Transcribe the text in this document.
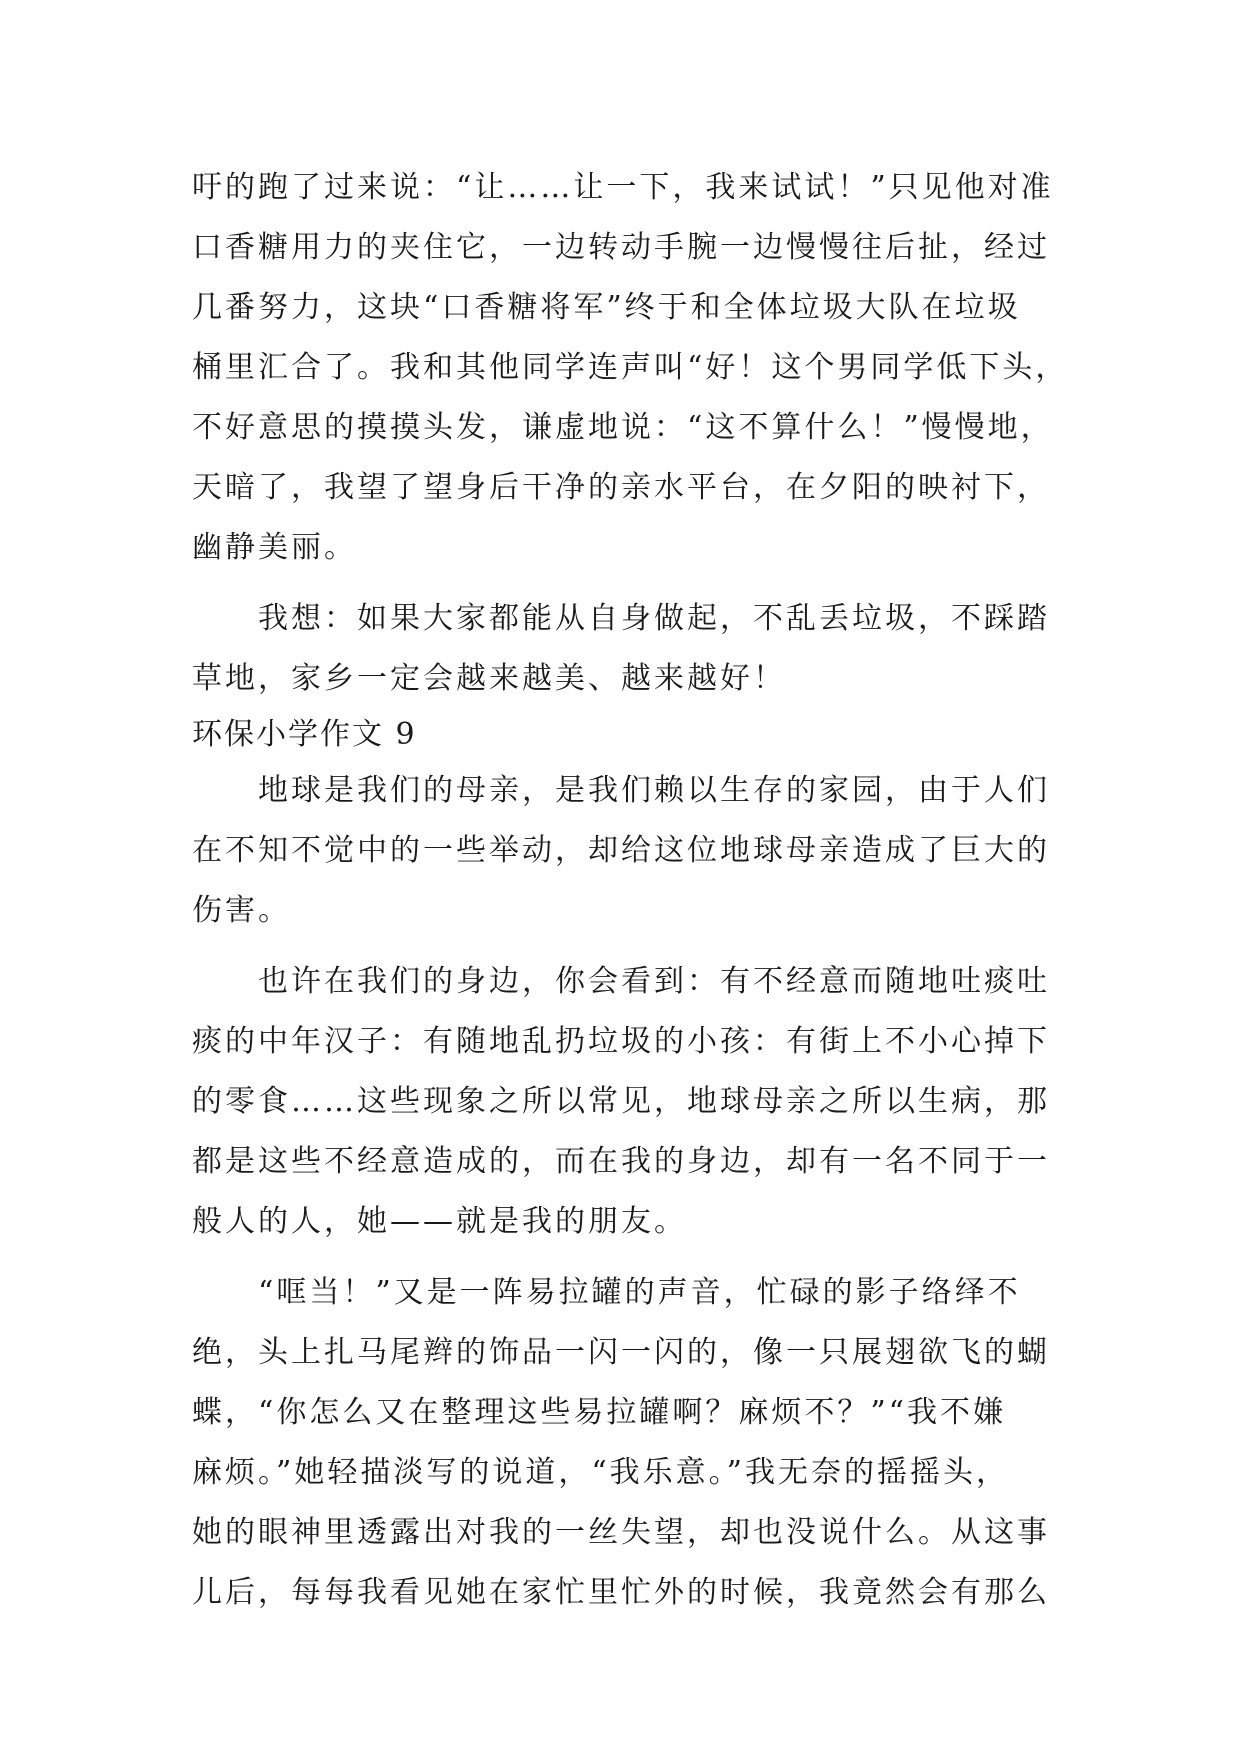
吁的跑了过来说：“让……让一下，我来试试！”只见他对准
口香糖用力的夹住它，一边转动手腕一边慢慢往后扯，经过
几番努力，这块“口香糖将军”终于和全体垃圾大队在垃圾
桶里汇合了。我和其他同学连声叫“好！这个男同学低下头，
不好意思的摸摸头发，谦虚地说：“这不算什么！”慢慢地，
天暗了，我望了望身后干净的亲水平台，在夕阳的映衬下，
幽静美丽。
我想：如果大家都能从自身做起，不乱丢垃圾，不踩踏
草地，家乡一定会越来越美、越来越好！
环保小学作文 9
地球是我们的母亲，是我们赖以生存的家园，由于人们
在不知不觉中的一些举动，却给这位地球母亲造成了巨大的
伤害。
也许在我们的身边，你会看到：有不经意而随地吐痰吐
痰的中年汉子：有随地乱扔垃圾的小孩：有街上不小心掉下
的零食……这些现象之所以常见，地球母亲之所以生病，那
都是这些不经意造成的，而在我的身边，却有一名不同于一
般人的人，她——就是我的朋友。
“哐当！”又是一阵易拉罐的声音，忙碌的影子络绎不
绝，头上扎马尾辫的饰品一闪一闪的，像一只展翅欲飞的蝴
蝶，“你怎么又在整理这些易拉罐啊？麻烦不？”“我不嫌
麻烦。”她轻描淡写的说道，“我乐意。”我无奈的摇摇头，
她的眼神里透露出对我的一丝失望，却也没说什么。从这事
儿后，每每我看见她在家忙里忙外的时候，我竟然会有那么
